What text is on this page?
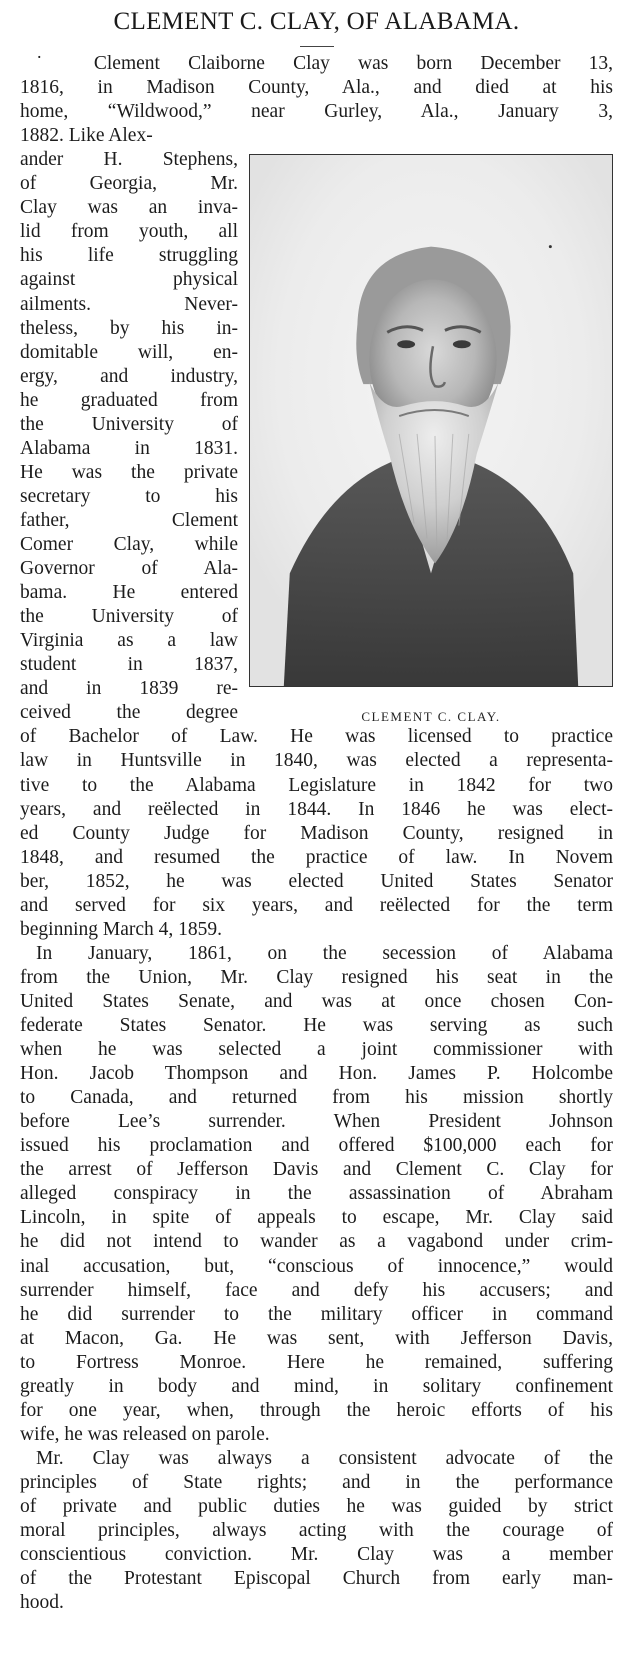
CLEMENT C. CLAY, OF ALABAMA.
CLEMENT C. CLAY.
˙ Clement Claiborne Clay was born December 13,
1816, in Madison County, Ala., and died at his
home, “Wildwood,” near Gurley, Ala., January 3,
1882. Like Alex-
ander H. Stephens,
of Georgia, Mr.
Clay was an inva-
lid from youth, all
his life struggling
against physical
ailments. Never-
theless, by his in-
domitable will, en-
ergy, and industry,
he graduated from
the University of
Alabama in 1831.
He was the private
secretary to his
father, Clement
Comer Clay, while
Governor of Ala-
bama. He entered
the University of
Virginia as a law
student in 1837,
and in 1839 re-
ceived the degree
of Bachelor of Law. He was licensed to practice
law in Huntsville in 1840, was elected a representa-
tive to the Alabama Legislature in 1842 for two
years, and reëlected in 1844. In 1846 he was elect-
ed County Judge for Madison County, resigned in
1848, and resumed the practice of law. In Novem
ber, 1852, he was elected United States Senator
and served for six years, and reëlected for the term
beginning March 4, 1859.
In January, 1861, on the secession of Alabama
from the Union, Mr. Clay resigned his seat in the
United States Senate, and was at once chosen Con-
federate States Senator. He was serving as such
when he was selected a joint commissioner with
Hon. Jacob Thompson and Hon. James P. Holcombe
to Canada, and returned from his mission shortly
before Lee’s surrender. When President Johnson
issued his proclamation and offered $100,000 each for
the arrest of Jefferson Davis and Clement C. Clay for
alleged conspiracy in the assassination of Abraham
Lincoln, in spite of appeals to escape, Mr. Clay said
he did not intend to wander as a vagabond under crim-
inal accusation, but, “conscious of innocence,” would
surrender himself, face and defy his accusers; and
he did surrender to the military officer in command
at Macon, Ga. He was sent, with Jefferson Davis,
to Fortress Monroe. Here he remained, suffering
greatly in body and mind, in solitary confinement
for one year, when, through the heroic efforts of his
wife, he was released on parole.
Mr. Clay was always a consistent advocate of the
principles of State rights; and in the performance
of private and public duties he was guided by strict
moral principles, always acting with the courage of
conscientious conviction. Mr. Clay was a member
of the Protestant Episcopal Church from early man-
hood.
